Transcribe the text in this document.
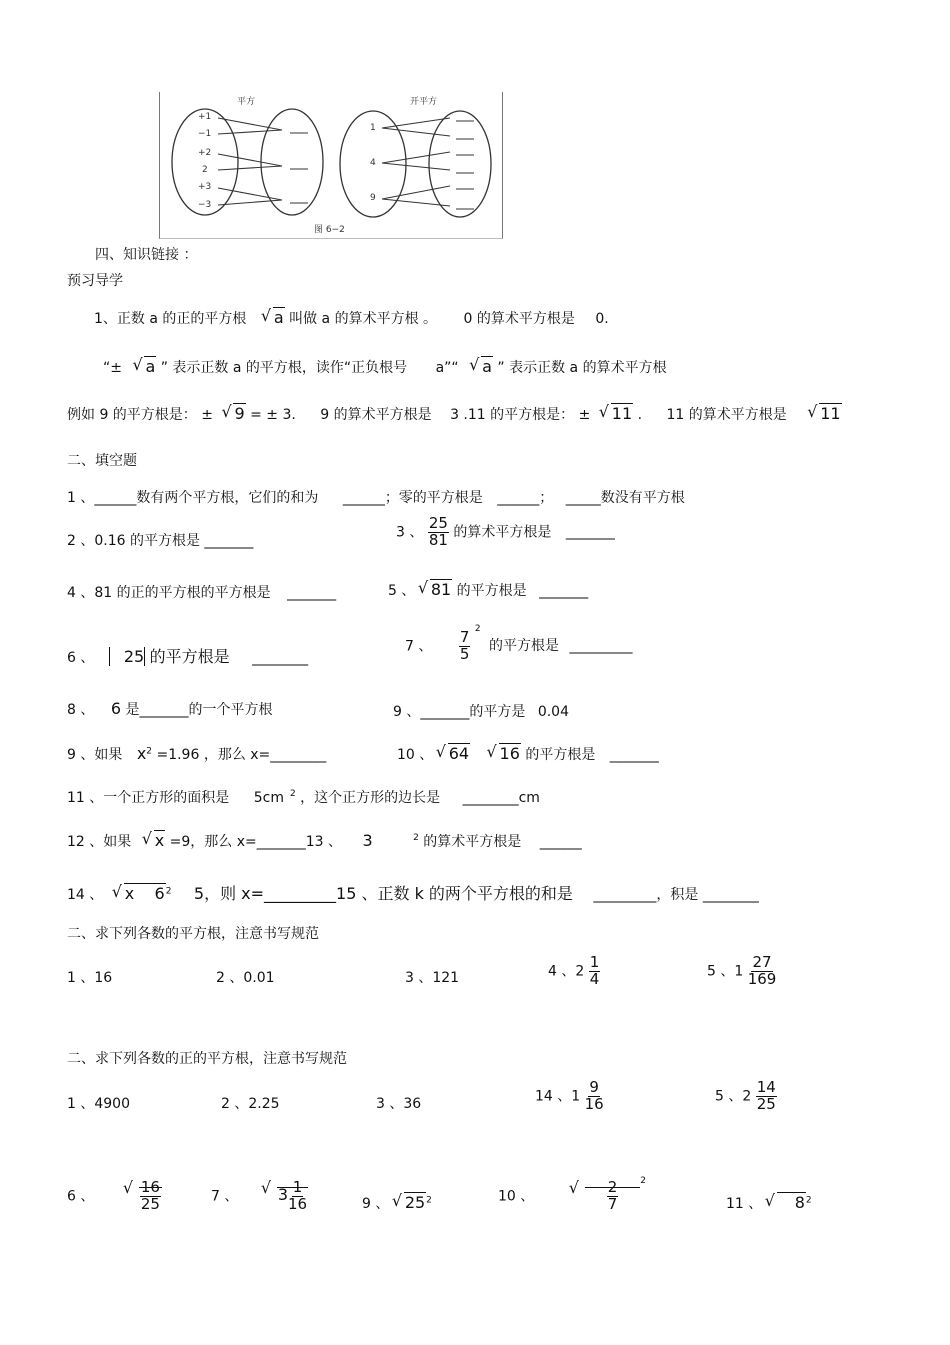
平方	开平方
+1
−1
+2
2
+3
−3
1
4
9
图 6−2
四、知识链接 ：
预习导学
1、正数 a 的正的平方根 √ a 叫做 a 的算术平方根 。 0 的算术平方根是 0.
“± √ a ” 表示正数 a 的平方根，读作“正负根号 a”“ √ a ” 表示正数 a 的算术平方根
例如 9 的平方根是： ± √ 9 = ± 3. 9 的算术平方根是 3 .11 的平方根是： ± √ 11 . 11 的算术平方根是 √ 11
二、填空题
1 、______数有两个平方根，它们的和为 ______；零的平方根是 ______； _____数没有平方根
2 、0.16 的平方根是 _______
3 、 $\frac{25}{81}$ 的算术平方根是 _______
4 、81 的正的平方根的平方根是 _______	5 、 √ 81 的平方根是 _______
6 、 25 的平方根是 ________
7 、 $\frac{7}{5}$
$^2$ 的平方根是 _________
8 、 6 是_______的一个平方根	9 、_______的平方是 0.04
9 、如果 $x^2 =1.96$ ，那么 x=________	10 、 √ 64 √ 16 的平方根是 _______
11 、一个正方形的面积是 5cm $^2$ ，这个正方形的边长是 ________cm
12 、如果 √ x =9，那么 x=_______13 、 3	$^2$ 的算术平方根是 ______
14 、 √ x    $6^2$ 5，则 x=_________15 、正数 k 的两个平方根的和是 _________，积是 ________
二、求下列各数的平方根，注意书写规范
1 、16	2 、0.01	3 、121	4 、$2 \frac{1}{4}$	5 、$1 \frac{27}{169}$
二、求下列各数的正的平方根，注意书写规范
1 、4900	2 、2.25	3 、36	14 、$1 \frac{9}{16}$	5 、$2 \frac{14}{25}$
6 、	√ $\frac{16}{25}$	7 、 √ $3 \frac{1}{16}$	9 、 √ $25^2$	10 、	√ $\frac{2}{7} ^2$
11 、 √ $8^2$
